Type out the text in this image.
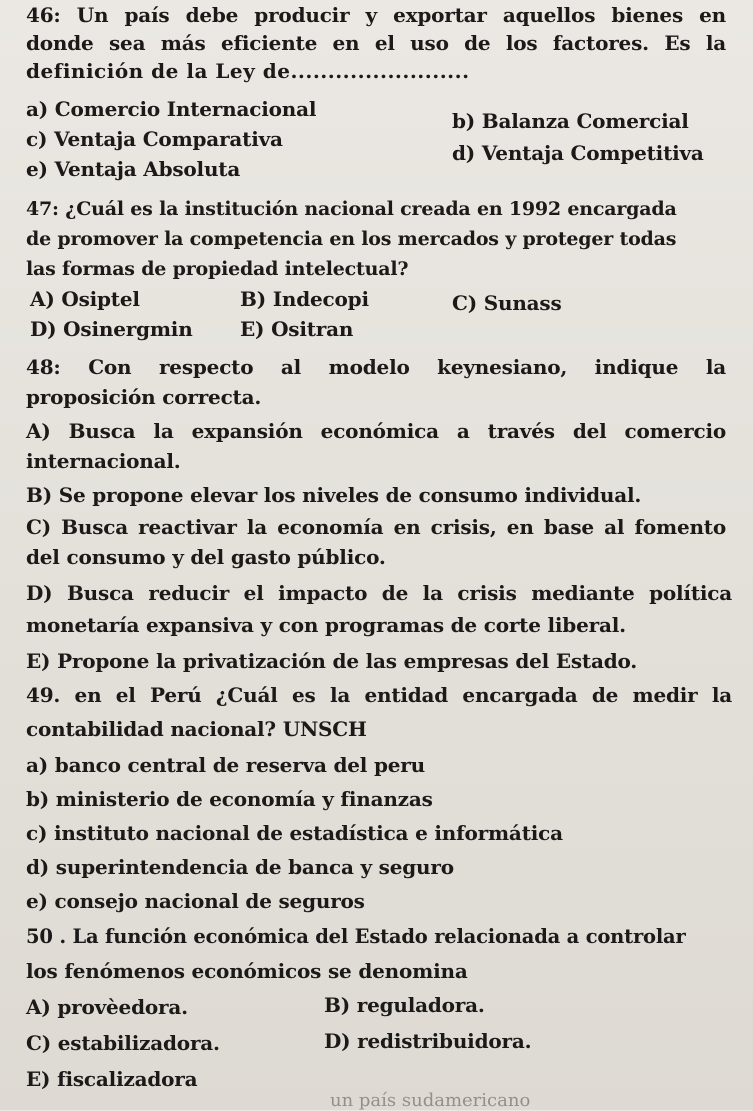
46: Un país debe producir y exportar aquellos bienes en
donde sea más eficiente en el uso de los factores. Es la
definición de la Ley de........................
a) Comercio Internacional	b) Balanza Comercial
c) Ventaja Comparativa
d) Ventaja Competitiva
e) Ventaja Absoluta
47: ¿Cuál es la institución nacional creada en 1992 encargada
de promover la competencia en los mercados y proteger todas
las formas de propiedad intelectual?
A) Osiptel	B) Indecopi	C) Sunass
D) Osinergmin E) Ositran
48: Con respecto al modelo keynesiano, indique la
proposición correcta.
A) Busca la expansión económica a través del comercio
internacional.
B) Se propone elevar los niveles de consumo individual.
C) Busca reactivar la economía en crisis, en base al fomento
del consumo y del gasto público.
D) Busca reducir el impacto de la crisis mediante política
monetaría expansiva y con programas de corte liberal.
E) Propone la privatización de las empresas del Estado.
49. en el Perú ¿Cuál es la entidad encargada de medir la
contabilidad nacional? UNSCH
a) banco central de reserva del peru
b) ministerio de economía y finanzas
c) instituto nacional de estadística e informática
d) superintendencia de banca y seguro
e) consejo nacional de seguros
50 . La función económica del Estado relacionada a controlar
los fenómenos económicos se denomina
A) provèedora.	B) reguladora.
C) estabilizadora.	D) redistribuidora.
E) fiscalizadora
un país sudamericano
